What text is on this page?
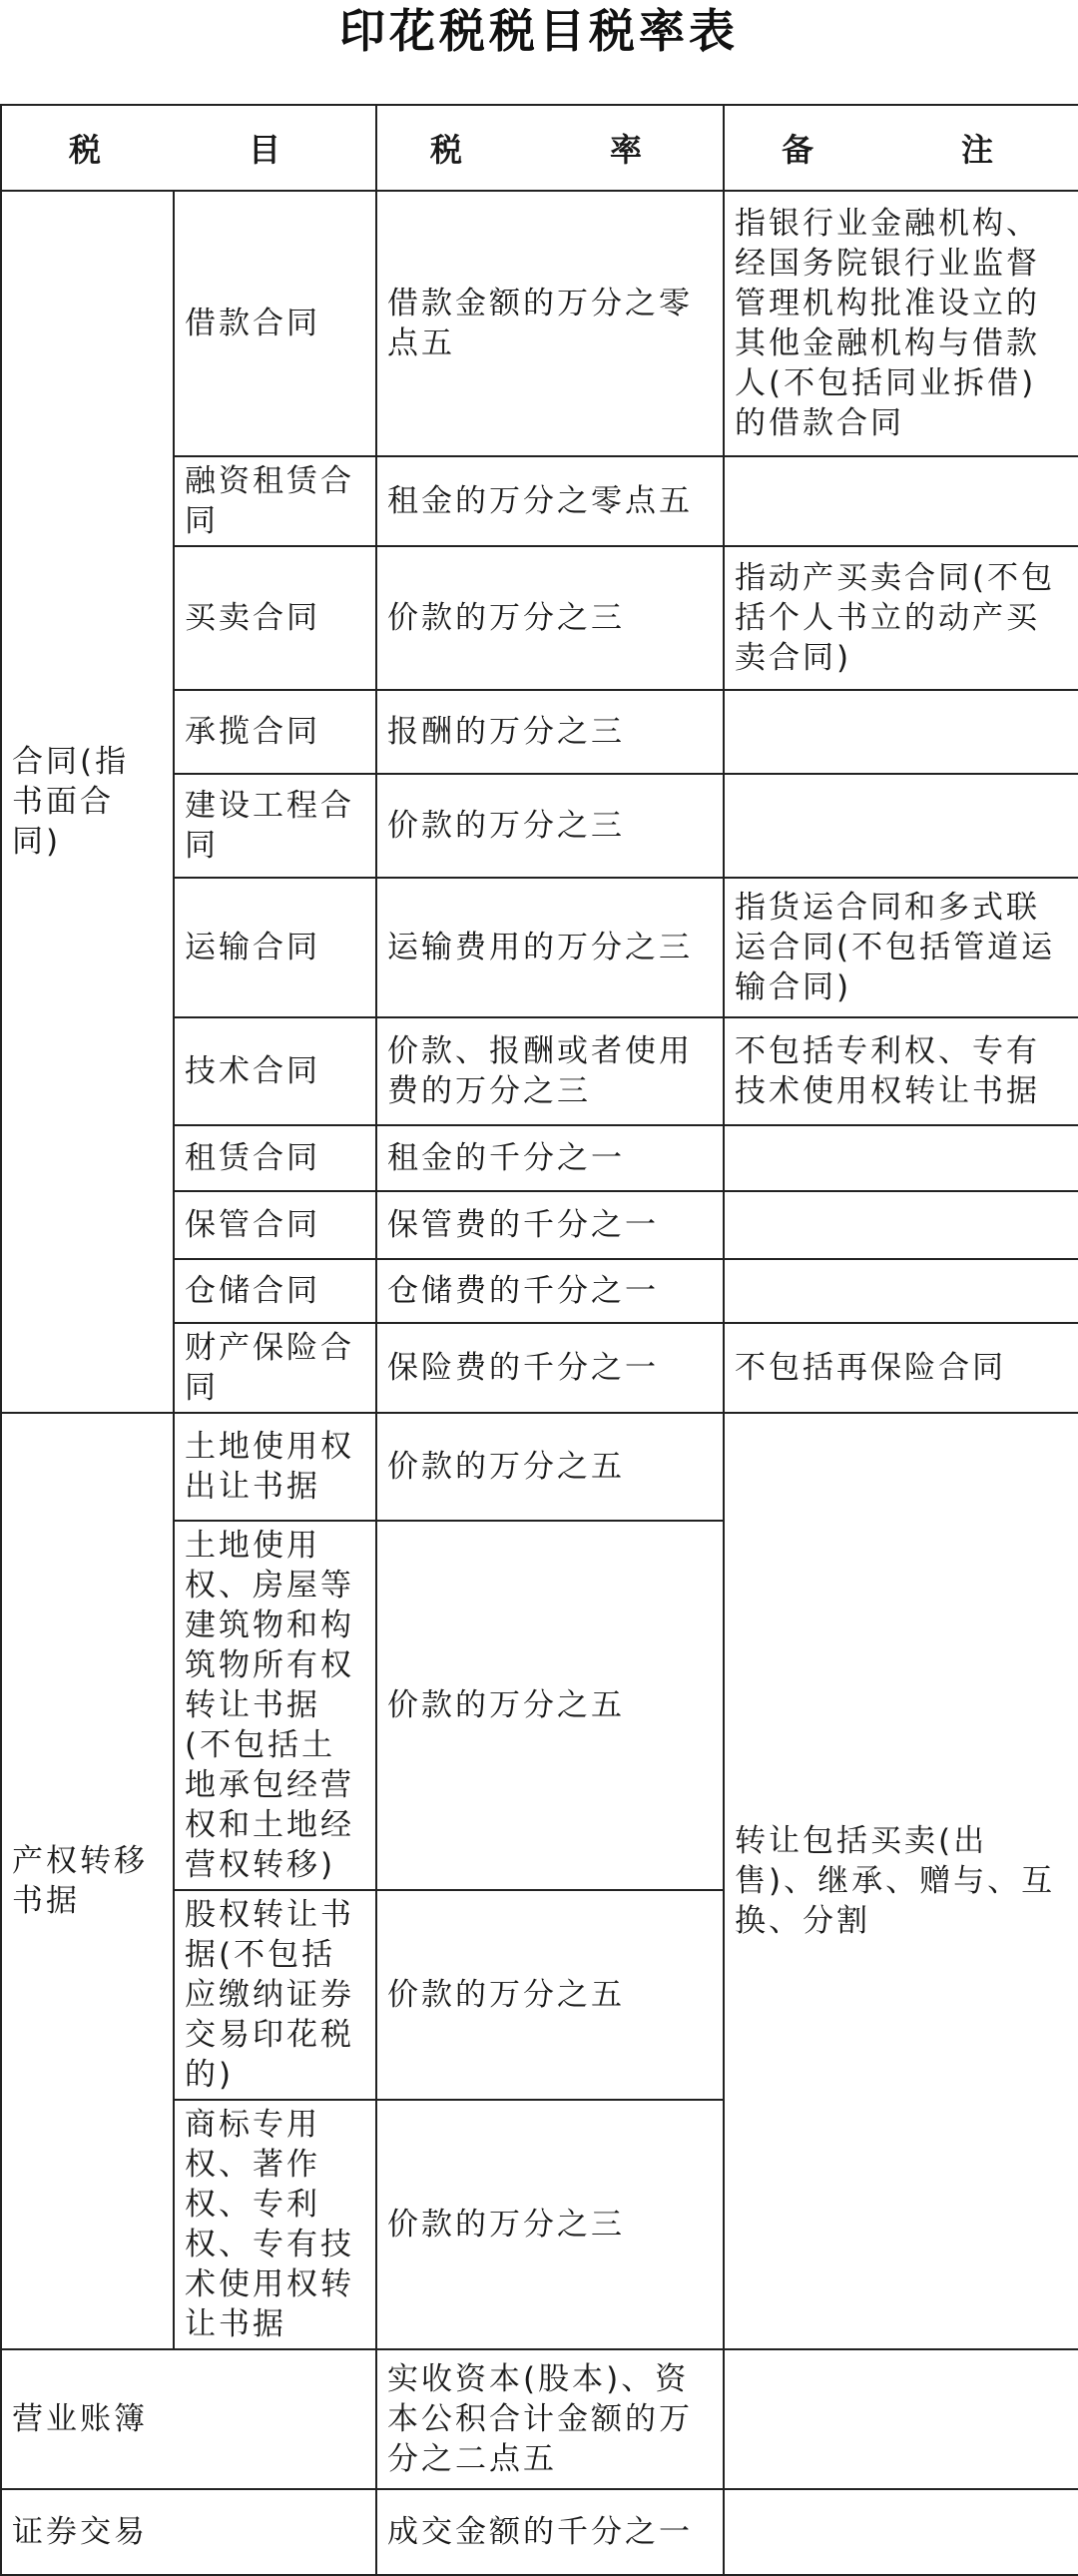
印花税税目税率表
税　　目		税　　率	备　　注
合同(指书面合同)	借款合同	借款金额的万分之零点五	指银行业金融机构、经国务院银行业监督管理机构批准设立的其他金融机构与借款人(不包括同业拆借)的借款合同
	融资租赁合同	租金的万分之零点五	
	买卖合同	价款的万分之三	指动产买卖合同(不包括个人书立的动产买卖合同)
	承揽合同	报酬的万分之三	
	建设工程合同	价款的万分之三	
	运输合同	运输费用的万分之三	指货运合同和多式联运合同(不包括管道运输合同)
	技术合同	价款、报酬或者使用费的万分之三	不包括专利权、专有技术使用权转让书据
	租赁合同	租金的千分之一	
	保管合同	保管费的千分之一	
	仓储合同	仓储费的千分之一	
	财产保险合同	保险费的千分之一	不包括再保险合同
产权转移书据	土地使用权出让书据	价款的万分之五	转让包括买卖(出售)、继承、赠与、互换、分割
	土地使用权、房屋等建筑物和构筑物所有权转让书据(不包括土地承包经营权和土地经营权转移)	价款的万分之五	
	股权转让书据(不包括应缴纳证券交易印花税的)	价款的万分之五	
	商标专用权、著作权、专利权、专有技术使用权转让书据	价款的万分之三	
营业账簿		实收资本(股本)、资本公积合计金额的万分之二点五	
证券交易		成交金额的千分之一	
